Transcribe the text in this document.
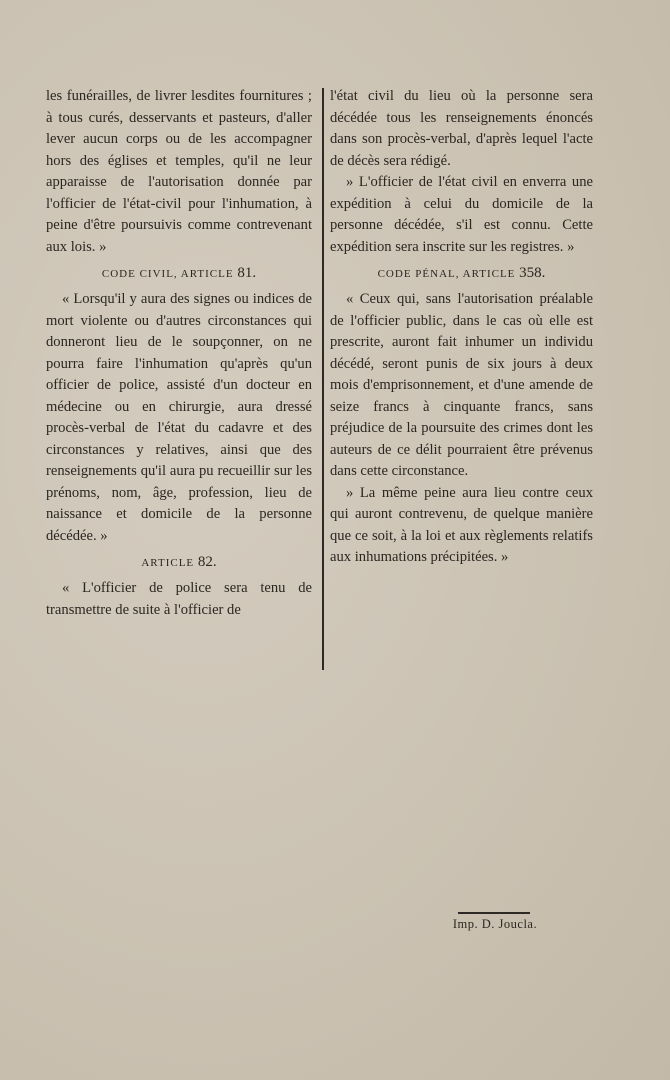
les funérailles, de livrer lesdites fournitures ; à tous curés, desservants et pasteurs, d'aller lever aucun corps ou de les accompagner hors des églises et temples, qu'il ne leur apparaisse de l'autorisation donnée par l'officier de l'état-civil pour l'inhumation, à peine d'être poursuivis comme contrevenant aux lois. »

CODE CIVIL, ARTICLE 81.

« Lorsqu'il y aura des signes ou indices de mort violente ou d'autres circonstances qui donneront lieu de le soupçonner, on ne pourra faire l'inhumation qu'après qu'un officier de police, assisté d'un docteur en médecine ou en chirurgie, aura dressé procès-verbal de l'état du cadavre et des circonstances y relatives, ainsi que des renseignements qu'il aura pu recueillir sur les prénoms, nom, âge, profession, lieu de naissance et domicile de la personne décédée. »

ARTICLE 82.

« L'officier de police sera tenu de transmettre de suite à l'officier de

l'état civil du lieu où la personne sera décédée tous les renseignements énoncés dans son procès-verbal, d'après lequel l'acte de décès sera rédigé.

» L'officier de l'état civil en enverra une expédition à celui du domicile de la personne décédée, s'il est connu. Cette expédition sera inscrite sur les registres. »

CODE PÉNAL, ARTICLE 358.

« Ceux qui, sans l'autorisation préalable de l'officier public, dans le cas où elle est prescrite, auront fait inhumer un individu décédé, seront punis de six jours à deux mois d'emprisonnement, et d'une amende de seize francs à cinquante francs, sans préjudice de la poursuite des crimes dont les auteurs de ce délit pourraient être prévenus dans cette circonstance.

» La même peine aura lieu contre ceux qui auront contrevenu, de quelque manière que ce soit, à la loi et aux règlements relatifs aux inhumations précipitées. »

Imp. D. Joucla.
